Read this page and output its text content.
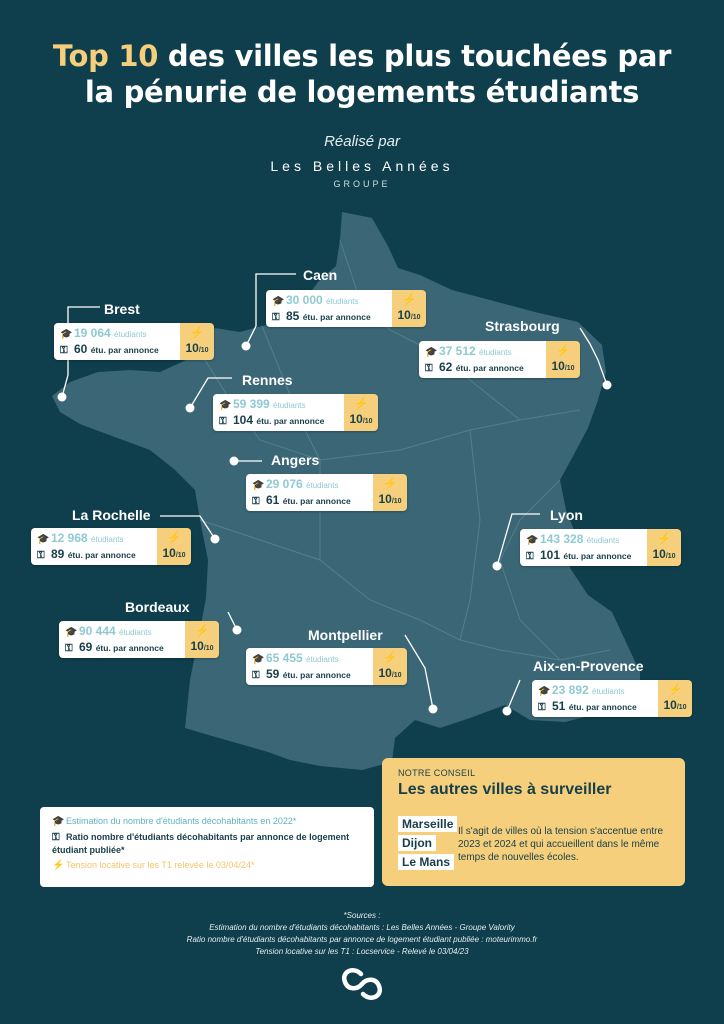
Top 10 des villes les plus touchées par
la pénurie de logements étudiants
Réalisé par
Les Belles Années
GROUPE
Caen
🎓 30 000 étudiants
⚿ 85 étu. par annonce
⚡
10/10
Brest
🎓 19 064 étudiants
⚿ 60 étu. par annonce
⚡
10/10
Strasbourg
🎓 37 512 étudiants
⚿ 62 étu. par annonce
⚡
10/10
Rennes
🎓 59 399 étudiants
⚿ 104 étu. par annonce
⚡
10/10
Angers
🎓 29 076 étudiants
⚿ 61 étu. par annonce
⚡
10/10
La Rochelle
🎓 12 968 étudiants
⚿ 89 étu. par annonce
⚡
10/10
Lyon
🎓 143 328 étudiants
⚿ 101 étu. par annonce
⚡
10/10
Bordeaux
🎓 90 444 étudiants
⚿ 69 étu. par annonce
⚡
10/10
Montpellier
🎓 65 455 étudiants
⚿ 59 étu. par annonce
⚡
10/10
Aix-en-Provence
🎓 23 892 étudiants
⚿ 51 étu. par annonce
⚡
10/10
🎓 Estimation du nombre d'étudiants décohabitants en 2022*
⚿ Ratio nombre d'étudiants décohabitants par annonce de logement étudiant publiée*
⚡ Tension locative sur les T1 relevée le 03/04/24*
NOTRE CONSEIL
Les autres villes à surveiller
Marseille
Dijon
Le Mans
Il s'agit de villes où la tension s'accentue entre 2023 et 2024 et qui accueillent dans le même temps de nouvelles écoles.
*Sources :
Estimation du nombre d'étudiants décohabitants : Les Belles Années - Groupe Valority
Ratio nombre d'étudiants décohabitants par annonce de logement étudiant publiée : moteurimmo.fr
Tension locative sur les T1 : Locservice - Relevé le 03/04/23
